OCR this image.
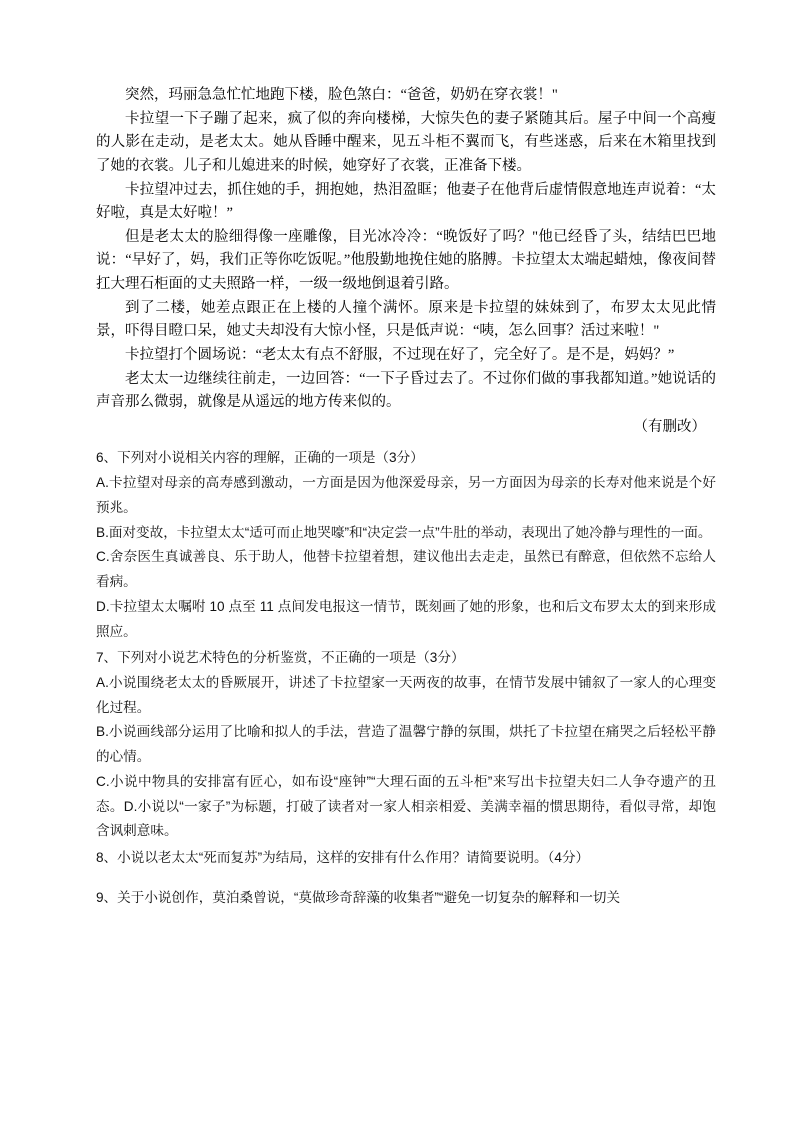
突然，玛丽急急忙忙地跑下楼，脸色煞白：“爸爸，奶奶在穿衣裳！"

卡拉望一下子蹦了起来，疯了似的奔向楼梯，大惊失色的妻子紧随其后。屋子中间一个高瘦的人影在走动，是老太太。她从昏睡中醒来，见五斗柜不翼而飞，有些迷惑，后来在木箱里找到了她的衣裳。儿子和儿媳进来的时候，她穿好了衣裳，正准备下楼。

卡拉望冲过去，抓住她的手，拥抱她，热泪盈眶；他妻子在他背后虚情假意地连声说着：“太好啦，真是太好啦！”

但是老太太的脸细得像一座雕像，目光冰冷冷：“晚饭好了吗？"他已经昏了头，结结巴巴地说：“早好了，妈，我们正等你吃饭呢。”他殷勤地挽住她的胳膊。卡拉望太太端起蜡烛，像夜间替扛大理石柜面的丈夫照路一样，一级一级地倒退着引路。

到了二楼，她差点跟正在上楼的人撞个满怀。原来是卡拉望的妹妹到了，布罗太太见此情景，吓得目瞪口呆，她丈夫却没有大惊小怪，只是低声说：“咦，怎么回事？活过来啦！"

卡拉望打个圆场说：“老太太有点不舒服，不过现在好了，完全好了。是不是，妈妈？”

老太太一边继续往前走，一边回答：“一下子昏过去了。不过你们做的事我都知道。”她说话的声音那么微弱，就像是从遥远的地方传来似的。

（有删改）

6、下列对小说相关内容的理解，正确的一项是（3分）

A.卡拉望对母亲的高寿感到激动，一方面是因为他深爱母亲，另一方面因为母亲的长寿对他来说是个好预兆。

B.面对变故，卡拉望太太“适可而止地哭嚎”和“决定尝一点”牛肚的举动，表现出了她冷静与理性的一面。

C.舍奈医生真诚善良、乐于助人，他替卡拉望着想，建议他出去走走，虽然已有醉意，但依然不忘给人看病。

D.卡拉望太太嘱咐 10 点至 11 点间发电报这一情节，既刻画了她的形象，也和后文布罗太太的到来形成照应。

7、下列对小说艺术特色的分析鉴赏，不正确的一项是（3分）

A.小说围绕老太太的昏厥展开，讲述了卡拉望家一天两夜的故事，在情节发展中铺叙了一家人的心理变化过程。

B.小说画线部分运用了比喻和拟人的手法，营造了温馨宁静的氛围，烘托了卡拉望在痛哭之后轻松平静的心情。

C.小说中物具的安排富有匠心，如布设“座钟”“大理石面的五斗柜”来写出卡拉望夫妇二人争夺遗产的丑态。D.小说以“一家子”为标题，打破了读者对一家人相亲相爱、美满幸福的惯思期待，看似寻常，却饱含讽刺意味。

8、小说以老太太“死而复苏”为结局，这样的安排有什么作用？请简要说明。（4分）

9、关于小说创作，莫泊桑曾说，“莫做珍奇辞藻的收集者”“避免一切复杂的解释和一切关
